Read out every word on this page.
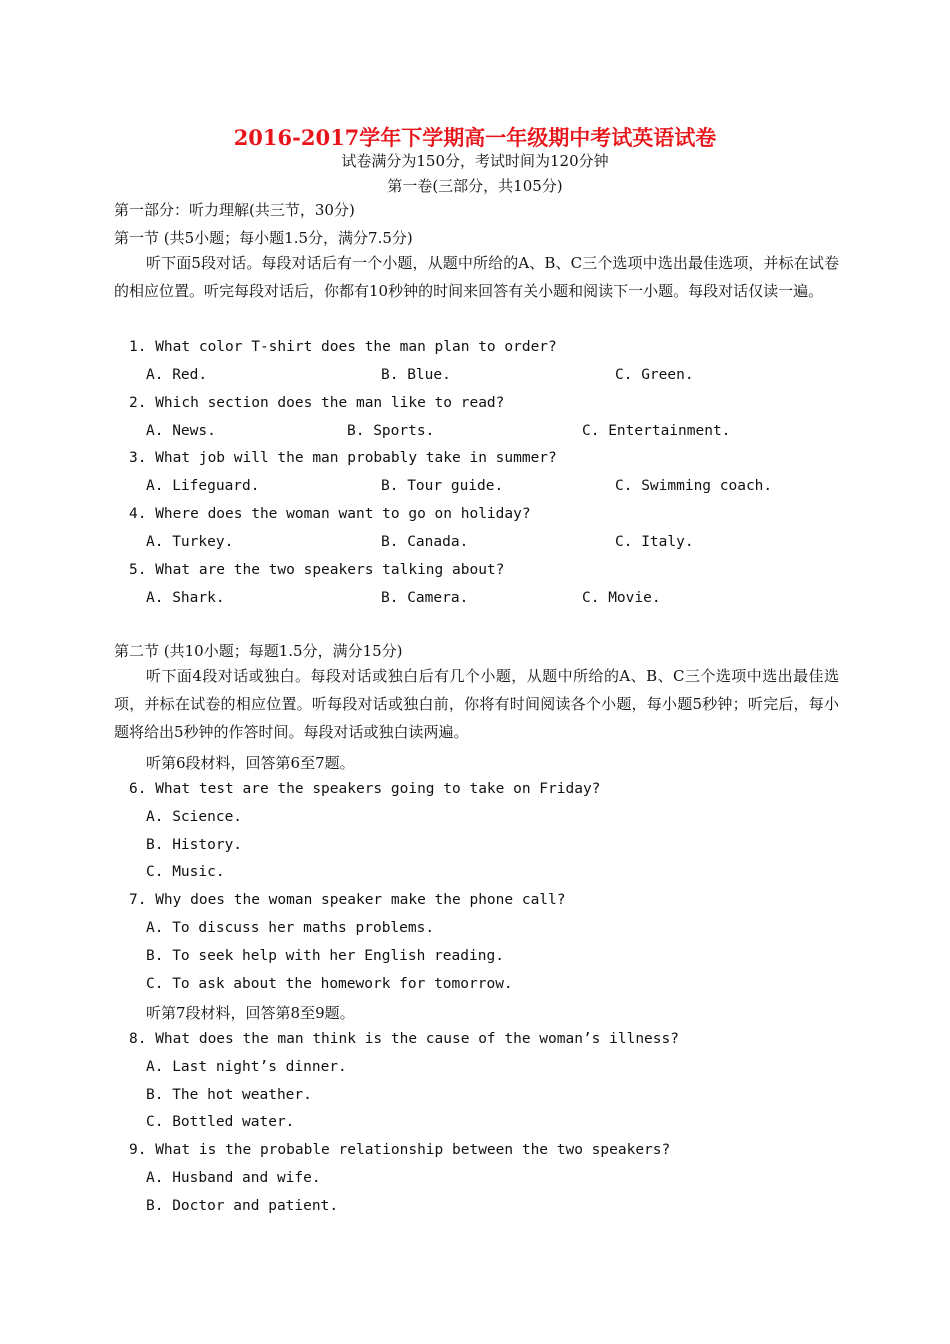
2016-2017学年下学期高一年级期中考试英语试卷
试卷满分为150分，考试时间为120分钟
第一卷(三部分，共105分)
第一部分：听力理解(共三节，30分)
第一节 (共5小题；每小题1.5分，满分7.5分)
听下面5段对话。每段对话后有一个小题，从题中所给的A、B、C三个选项中选出最佳选项，并标在试卷的相应位置。听完每段对话后，你都有10秒钟的时间来回答有关小题和阅读下一小题。每段对话仅读一遍。
1. What color T-shirt does the man plan to order?
A. Red.	B. Blue.	C. Green.
2. Which section does the man like to read?
A. News.	B. Sports.	C. Entertainment.
3. What job will the man probably take in summer?
A. Lifeguard.	B. Tour guide.	C. Swimming coach.
4. Where does the woman want to go on holiday?
A. Turkey.	B. Canada.	C. Italy.
5. What are the two speakers talking about?
A. Shark.	B. Camera.	C. Movie.
第二节 (共10小题；每题1.5分，满分15分)
听下面4段对话或独白。每段对话或独白后有几个小题，从题中所给的A、B、C三个选项中选出最佳选项，并标在试卷的相应位置。听每段对话或独白前，你将有时间阅读各个小题，每小题5秒钟；听完后，每小题将给出5秒钟的作答时间。每段对话或独白读两遍。
听第6段材料，回答第6至7题。
6. What test are the speakers going to take on Friday?
A. Science.
B. History.
C. Music.
7. Why does the woman speaker make the phone call?
A. To discuss her maths problems.
B. To seek help with her English reading.
C. To ask about the homework for tomorrow.
听第7段材料，回答第8至9题。
8. What does the man think is the cause of the woman’s illness?
A. Last night’s dinner.
B. The hot weather.
C. Bottled water.
9. What is the probable relationship between the two speakers?
A. Husband and wife.
B. Doctor and patient.
